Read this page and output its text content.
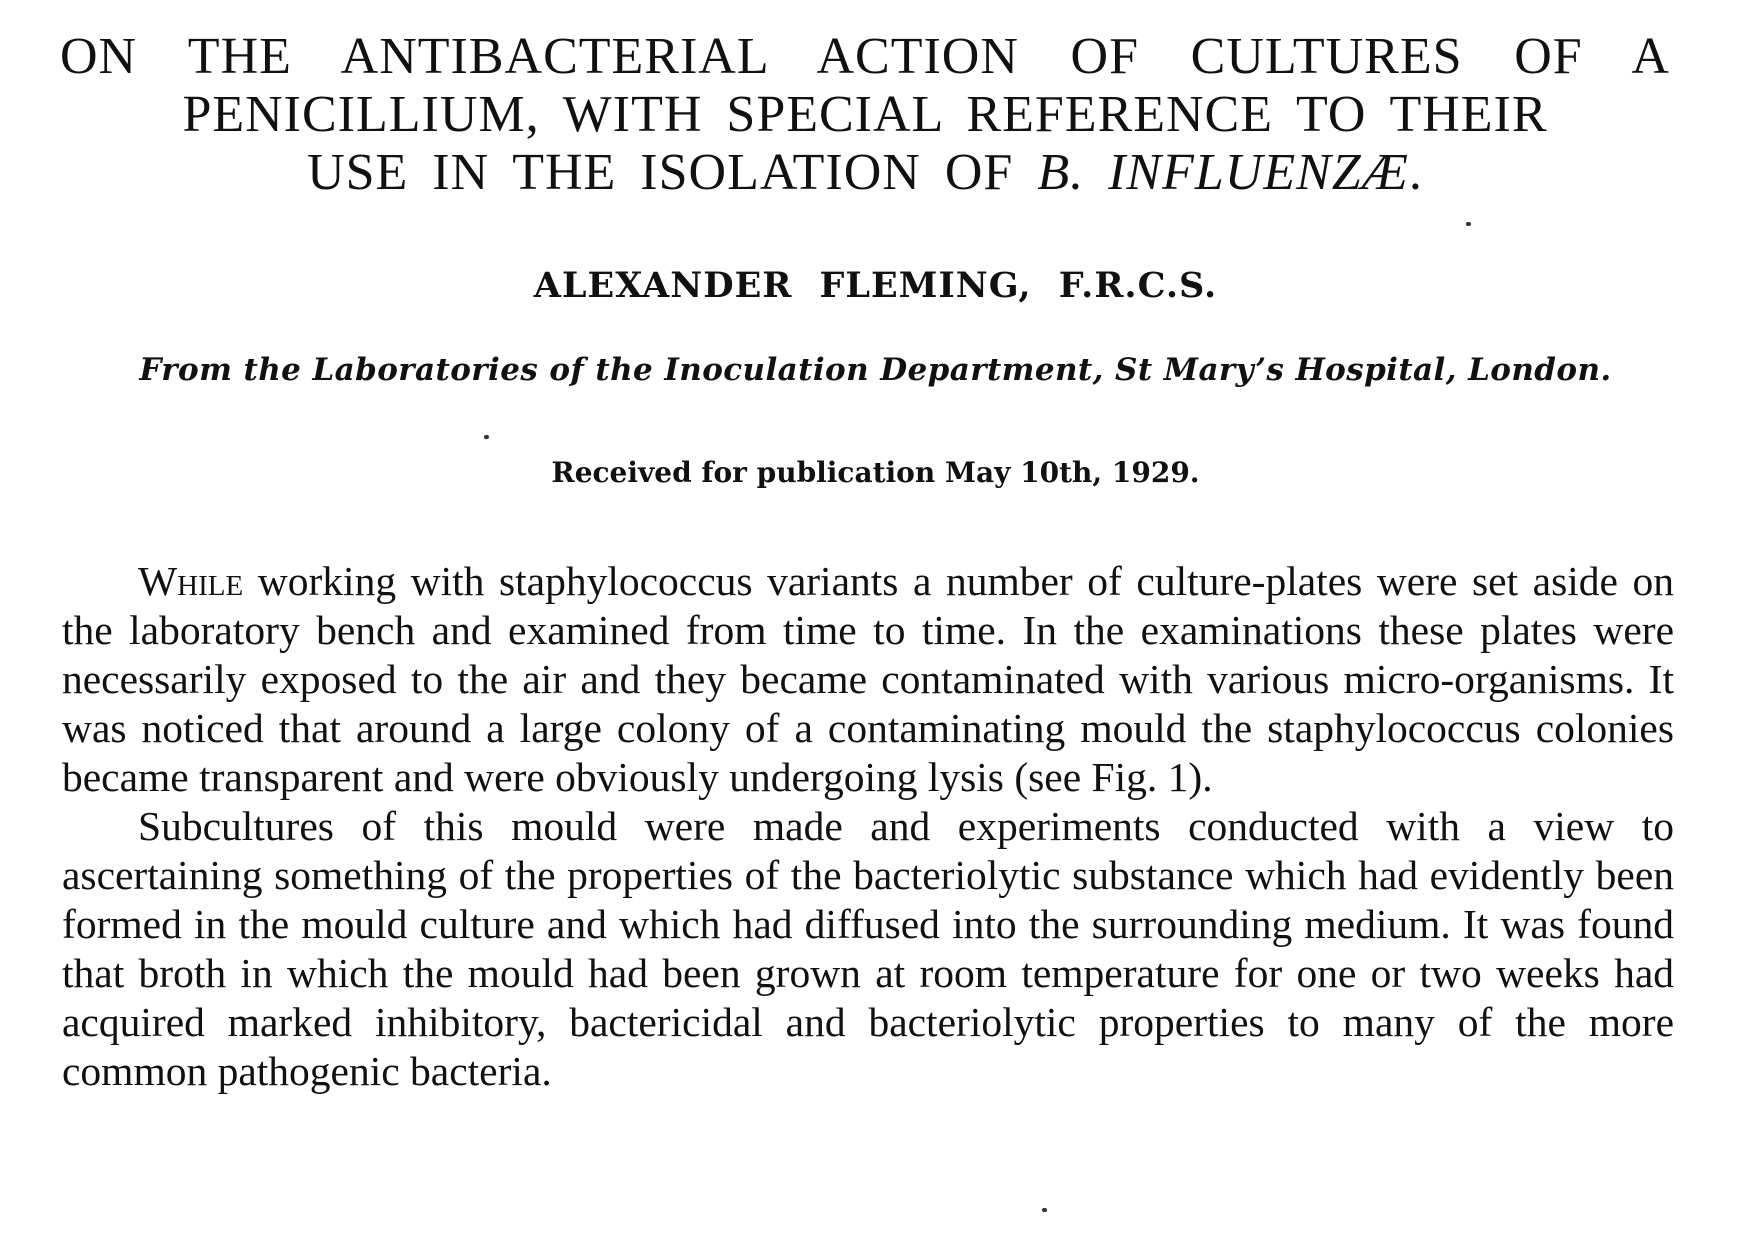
ON THE ANTIBACTERIAL ACTION OF CULTURES OF A
PENICILLIUM, WITH SPECIAL REFERENCE TO THEIR
USE IN THE ISOLATION OF B. INFLUENZÆ.
ALEXANDER FLEMING, F.R.C.S.
From the Laboratories of the Inoculation Department, St Mary’s Hospital, London.
Received for publication May 10th, 1929.

While working with staphylococcus variants a number of culture-plates were set aside on the laboratory bench and examined from time to time. In the examinations these plates were necessarily exposed to the air and they became contaminated with various micro-organisms. It was noticed that around a large colony of a contaminating mould the staphylococcus colonies became transparent and were obviously undergoing lysis (see Fig. 1).

Subcultures of this mould were made and experiments conducted with a view to ascertaining something of the properties of the bacteriolytic substance which had evidently been formed in the mould culture and which had diffused into the surrounding medium. It was found that broth in which the mould had been grown at room temperature for one or two weeks had acquired marked inhibitory, bactericidal and bacteriolytic properties to many of the more common pathogenic bacteria.
